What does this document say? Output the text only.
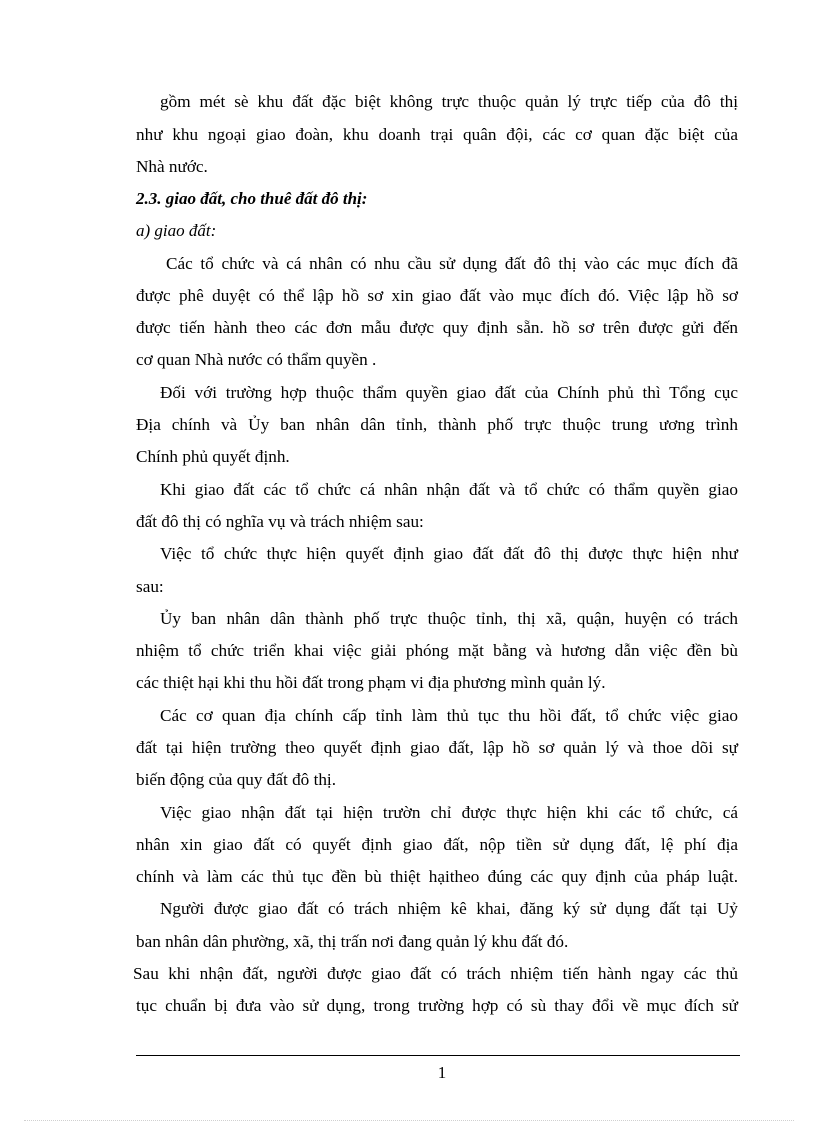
gồm mét sè khu đất đặc biệt không trực thuộc quản lý trực tiếp của đô thị
như khu ngoại giao đoàn, khu doanh trại quân đội, các cơ quan đặc biệt của
Nhà nước.
2.3. giao đất, cho thuê đất đô thị:
a) giao đất:
Các tổ chức và cá nhân có nhu cầu sử dụng đất đô thị vào các mục đích đã
được phê duyệt có thể lập hồ sơ xin giao đất vào mục đích đó. Việc lập hồ sơ
được tiến hành theo các đơn mẫu được quy định sẵn. hồ sơ trên được gửi đến
cơ quan Nhà nước có thẩm quyền .
Đối với trường hợp thuộc thẩm quyền giao đất của Chính phủ thì Tổng cục
Địa chính và Ủy ban nhân dân tỉnh, thành phố trực thuộc trung ương trình
Chính phủ quyết định.
Khi giao đất các tổ chức cá nhân nhận đất và tổ chức có thẩm quyền giao
đất đô thị có nghĩa vụ và trách nhiệm sau:
Việc tổ chức thực hiện quyết định giao đất đất đô thị được thực hiện như
sau:
Ủy ban nhân dân thành phố trực thuộc tỉnh, thị xã, quận, huyện có trách
nhiệm tổ chức triển khai việc giải phóng mặt bằng và hương dẫn việc đền bù
các thiệt hại khi thu hồi đất trong phạm vi địa phương mình quản lý.
Các cơ quan địa chính cấp tỉnh làm thủ tục thu hồi đất, tổ chức việc giao
đất tại hiện trường theo quyết định giao đất, lập hồ sơ quản lý và thoe dõi sự
biến động của quy đất đô thị.
Việc giao nhận đất tại hiện trườn chỉ được thực hiện khi các tổ chức, cá
nhân xin giao đất có quyết định giao đất, nộp tiền sử dụng đất, lệ phí địa
chính và làm các thủ tục đền bù thiệt hạitheo đúng các quy định của pháp luật.
Người được giao đất có trách nhiệm kê khai, đăng ký sử dụng đất tại Uỷ
ban nhân dân phường, xã, thị trấn nơi đang quản lý khu đất đó.
Sau khi nhận đất, người được giao đất có trách nhiệm tiến hành ngay các thủ
tục chuẩn bị đưa vào sử dụng, trong trường hợp có sù thay đổi về mục đích sử
1
